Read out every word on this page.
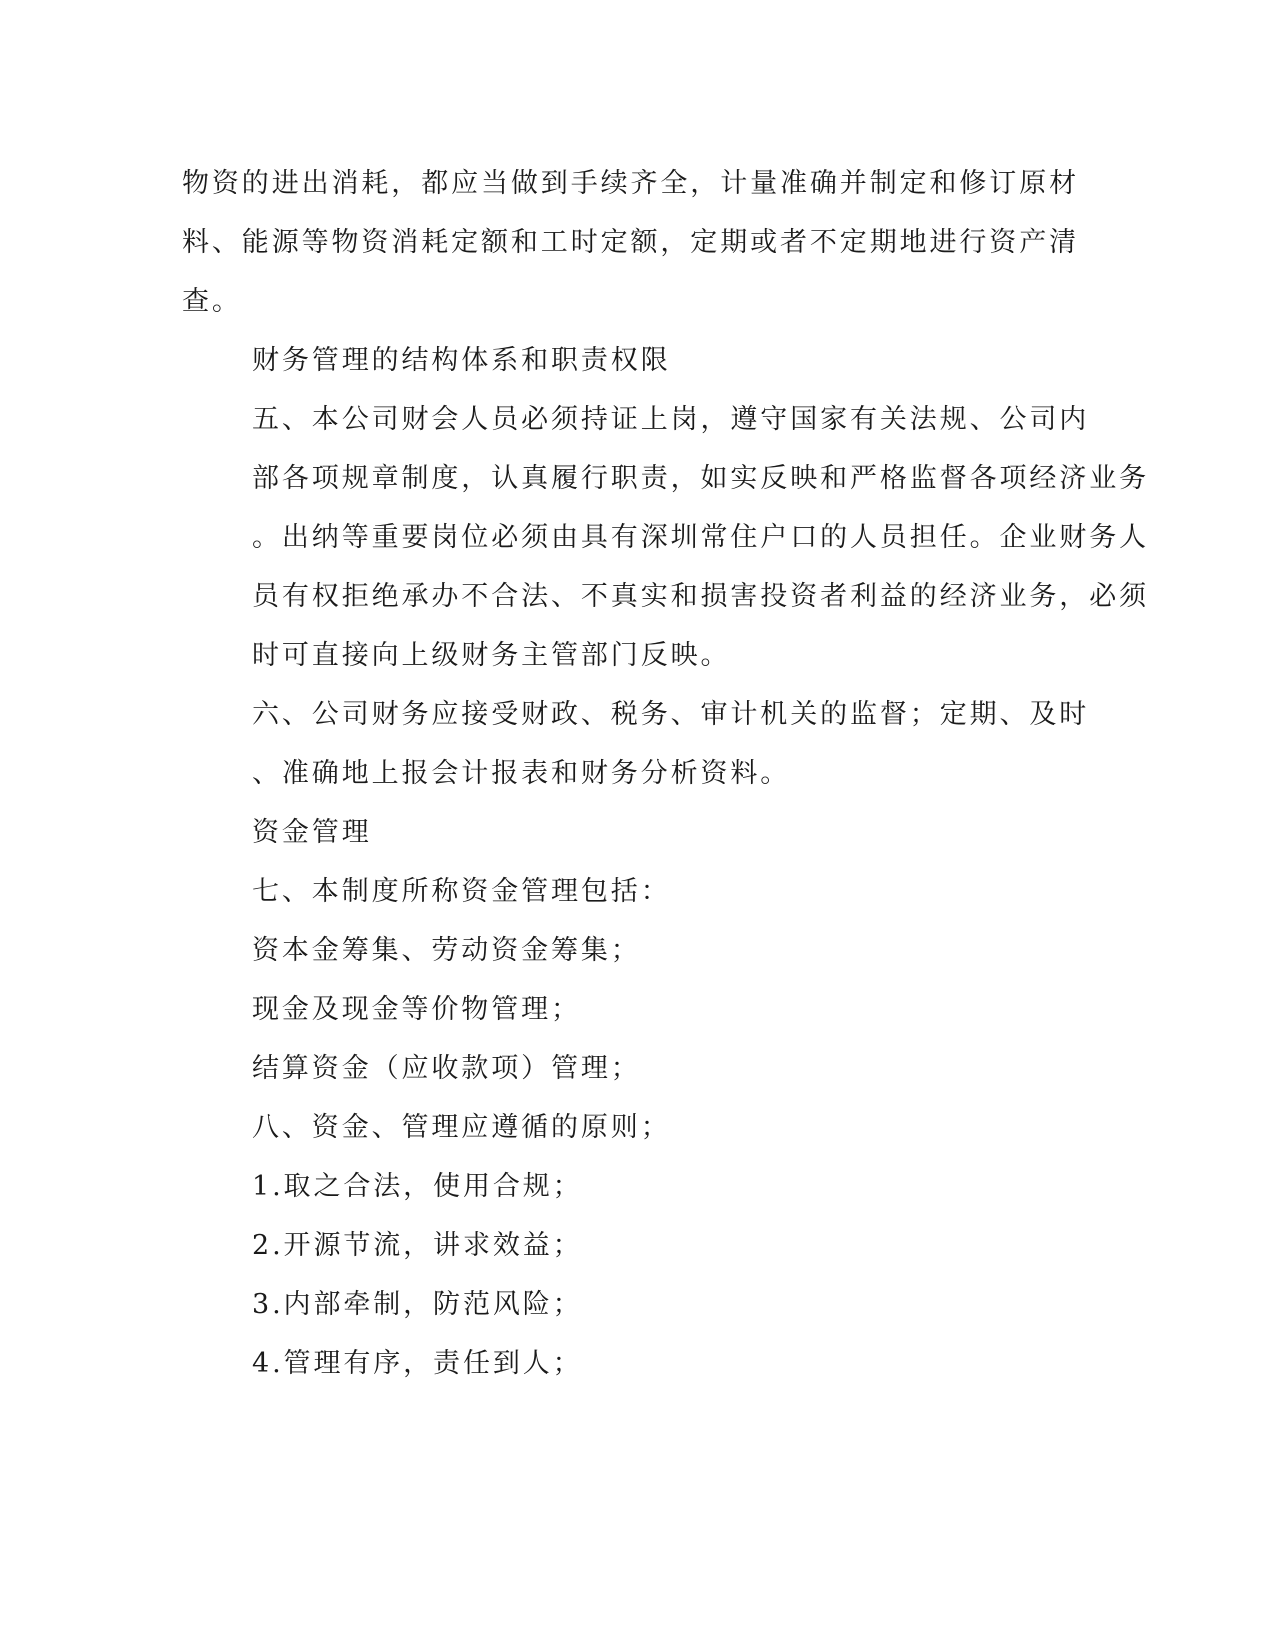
物资的进出消耗，都应当做到手续齐全，计量准确并制定和修订原材
料、能源等物资消耗定额和工时定额，定期或者不定期地进行资产清
查。
财务管理的结构体系和职责权限
五、本公司财会人员必须持证上岗，遵守国家有关法规、公司内
部各项规章制度，认真履行职责，如实反映和严格监督各项经济业务
。出纳等重要岗位必须由具有深圳常住户口的人员担任。企业财务人
员有权拒绝承办不合法、不真实和损害投资者利益的经济业务，必须
时可直接向上级财务主管部门反映。
六、公司财务应接受财政、税务、审计机关的监督；定期、及时
、准确地上报会计报表和财务分析资料。
资金管理
七、本制度所称资金管理包括：
资本金筹集、劳动资金筹集；
现金及现金等价物管理；
结算资金（应收款项）管理；
八、资金、管理应遵循的原则；
1.取之合法，使用合规；
2.开源节流，讲求效益；
3.内部牵制，防范风险；
4.管理有序，责任到人；
